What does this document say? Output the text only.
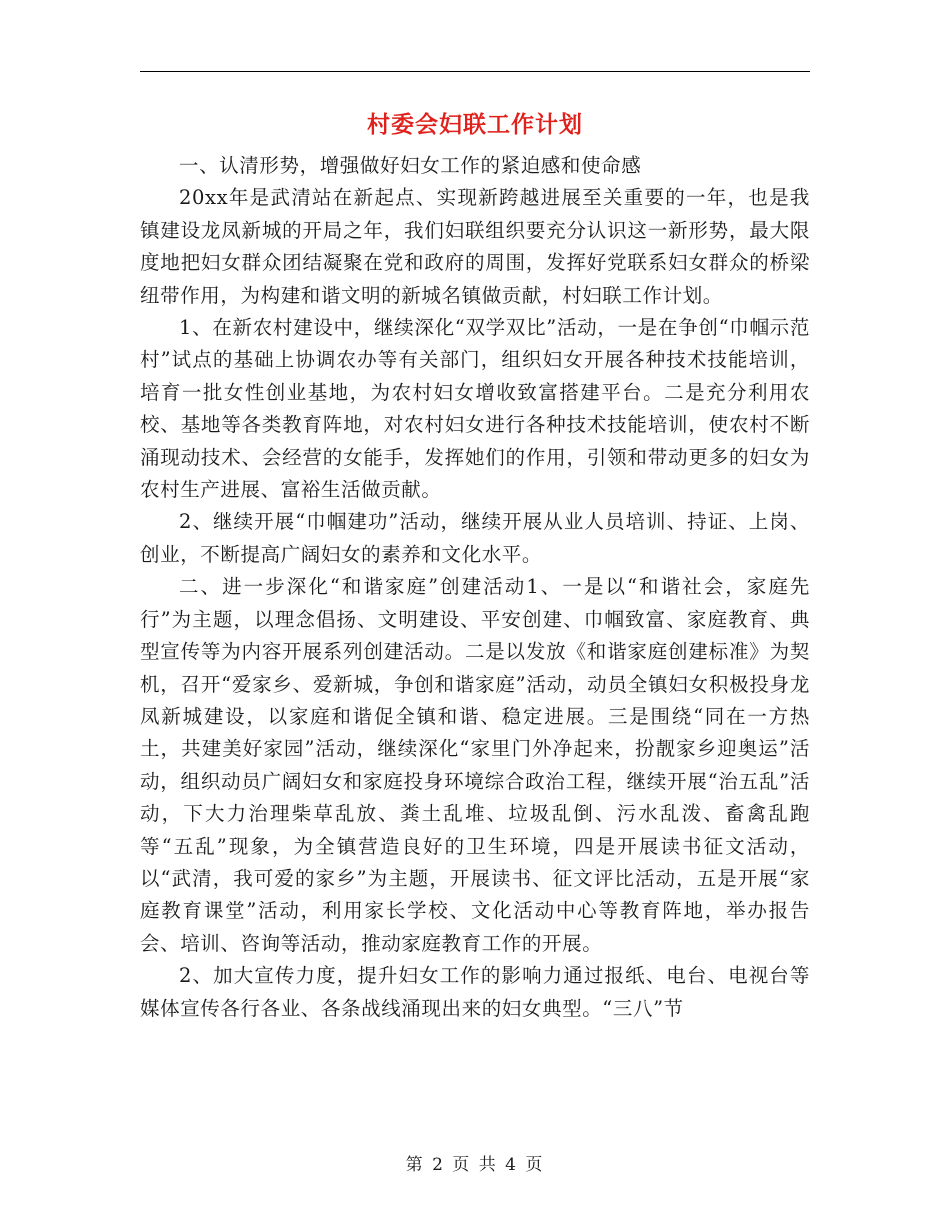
村委会妇联工作计划

一、认清形势，增强做好妇女工作的紧迫感和使命感

20xx年是武清站在新起点、实现新跨越进展至关重要的一年，也是我镇建设龙凤新城的开局之年，我们妇联组织要充分认识这一新形势，最大限度地把妇女群众团结凝聚在党和政府的周围，发挥好党联系妇女群众的桥梁纽带作用，为构建和谐文明的新城名镇做贡献，村妇联工作计划。

1、在新农村建设中，继续深化“双学双比”活动，一是在争创“巾帼示范村”试点的基础上协调农办等有关部门，组织妇女开展各种技术技能培训，培育一批女性创业基地，为农村妇女增收致富搭建平台。二是充分利用农校、基地等各类教育阵地，对农村妇女进行各种技术技能培训，使农村不断涌现动技术、会经营的女能手，发挥她们的作用，引领和带动更多的妇女为农村生产进展、富裕生活做贡献。

2、继续开展“巾帼建功”活动，继续开展从业人员培训、持证、上岗、创业，不断提高广阔妇女的素养和文化水平。

二、进一步深化“和谐家庭”创建活动1、一是以“和谐社会，家庭先行”为主题，以理念倡扬、文明建设、平安创建、巾帼致富、家庭教育、典型宣传等为内容开展系列创建活动。二是以发放《和谐家庭创建标准》为契机，召开“爱家乡、爱新城，争创和谐家庭”活动，动员全镇妇女积极投身龙凤新城建设，以家庭和谐促全镇和谐、稳定进展。三是围绕“同在一方热土，共建美好家园”活动，继续深化“家里门外净起来，扮靓家乡迎奥运”活动，组织动员广阔妇女和家庭投身环境综合政治工程，继续开展“治五乱”活动，下大力治理柴草乱放、粪土乱堆、垃圾乱倒、污水乱泼、畜禽乱跑等“五乱”现象，为全镇营造良好的卫生环境，四是开展读书征文活动，以“武清，我可爱的家乡”为主题，开展读书、征文评比活动，五是开展“家庭教育课堂”活动，利用家长学校、文化活动中心等教育阵地，举办报告会、培训、咨询等活动，推动家庭教育工作的开展。

2、加大宣传力度，提升妇女工作的影响力通过报纸、电台、电视台等媒体宣传各行各业、各条战线涌现出来的妇女典型。“三八”节

第 2 页 共 4 页
